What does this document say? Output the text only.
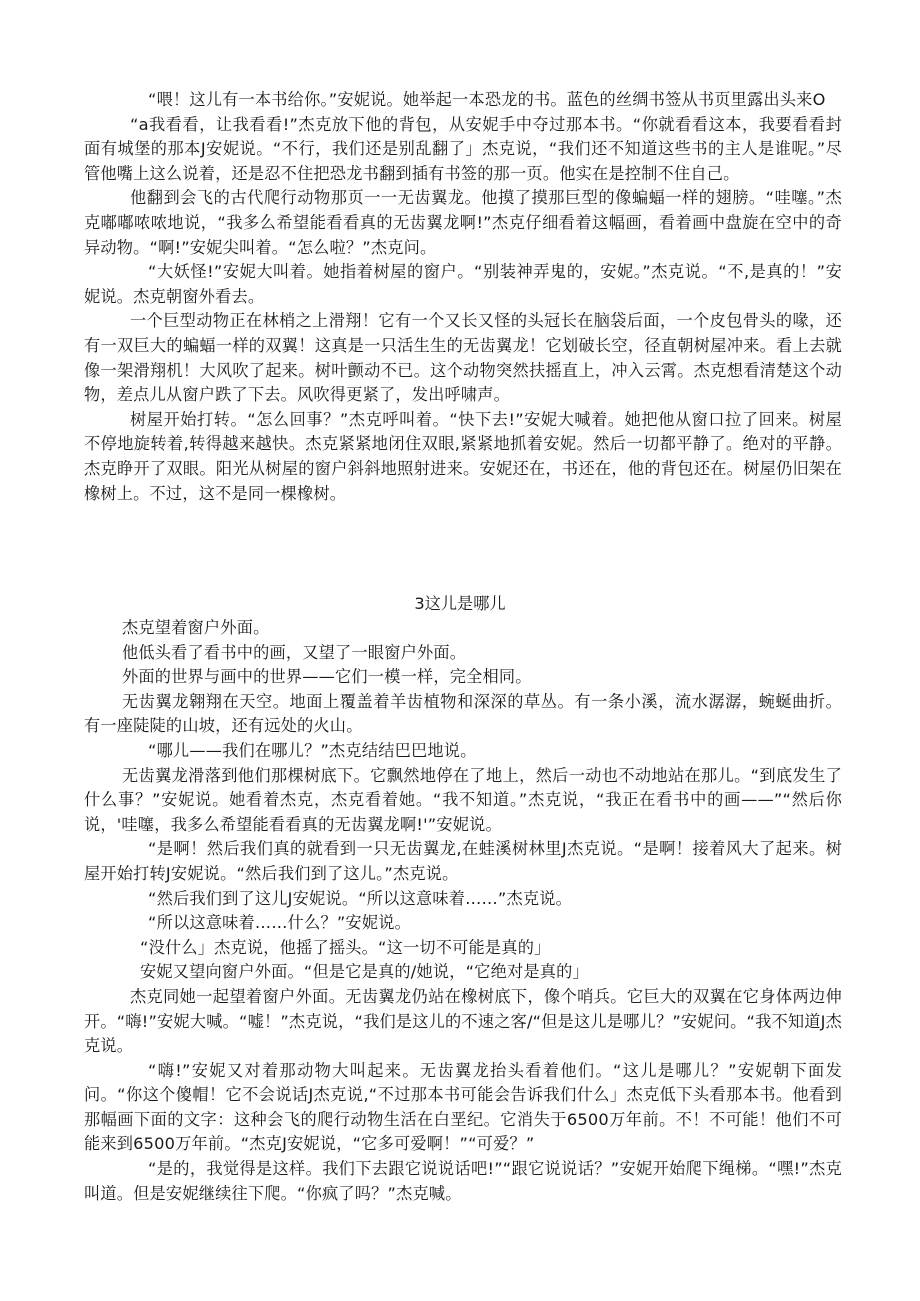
“喂！这儿有一本书给你。”安妮说。她举起一本恐龙的书。蓝色的丝绸书签从书页里露出头来O

“a我看看，让我看看!”杰克放下他的背包，从安妮手中夺过那本书。“你就看看这本，我要看看封面有城堡的那本J安妮说。“不行，我们还是别乱翻了」杰克说，“我们还不知道这些书的主人是谁呢。”尽管他嘴上这么说着，还是忍不住把恐龙书翻到插有书签的那一页。他实在是控制不住自己。

他翻到会飞的古代爬行动物那页一一无齿翼龙。他摸了摸那巨型的像蝙蝠一样的翅膀。“哇噻。”杰克嘟嘟哝哝地说，“我多么希望能看看真的无齿翼龙啊!”杰克仔细看着这幅画，看着画中盘旋在空中的奇异动物。“啊!”安妮尖叫着。“怎么啦？”杰克问。

“大妖怪!”安妮大叫着。她指着树屋的窗户。“别装神弄鬼的，安妮。”杰克说。“不,是真的！”安妮说。杰克朝窗外看去。

一个巨型动物正在林梢之上滑翔！它有一个又长又怪的头冠长在脑袋后面，一个皮包骨头的喙，还有一双巨大的蝙蝠一样的双翼！这真是一只活生生的无齿翼龙！它划破长空，径直朝树屋冲来。看上去就像一架滑翔机！大风吹了起来。树叶颤动不已。这个动物突然扶摇直上，冲入云霄。杰克想看清楚这个动物，差点儿从窗户跌了下去。风吹得更紧了，发出呼啸声。

树屋开始打转。“怎么回事？”杰克呼叫着。“快下去!”安妮大喊着。她把他从窗口拉了回来。树屋不停地旋转着,转得越来越快。杰克紧紧地闭住双眼,紧紧地抓着安妮。然后一切都平静了。绝对的平静。杰克睁开了双眼。阳光从树屋的窗户斜斜地照射进来。安妮还在，书还在，他的背包还在。树屋仍旧架在橡树上。不过，这不是同一棵橡树。

3这儿是哪儿

杰克望着窗户外面。

他低头看了看书中的画，又望了一眼窗户外面。

外面的世界与画中的世界——它们一模一样，完全相同。

无齿翼龙翱翔在天空。地面上覆盖着羊齿植物和深深的草丛。有一条小溪，流水潺潺，蜿蜒曲折。有一座陡陡的山坡，还有远处的火山。

“哪儿——我们在哪儿？”杰克结结巴巴地说。

无齿翼龙滑落到他们那棵树底下。它飘然地停在了地上，然后一动也不动地站在那儿。“到底发生了什么事？”安妮说。她看着杰克，杰克看着她。“我不知道。”杰克说，“我正在看书中的画——”“然后你说，'哇噻，我多么希望能看看真的无齿翼龙啊!'”安妮说。

“是啊！然后我们真的就看到一只无齿翼龙,在蛙溪树林里J杰克说。“是啊！接着风大了起来。树屋开始打转J安妮说。“然后我们到了这儿。”杰克说。

“然后我们到了这儿J安妮说。“所以这意味着……”杰克说。

“所以这意味着……什么？”安妮说。

“没什么」杰克说，他摇了摇头。“这一切不可能是真的」

安妮又望向窗户外面。“但是它是真的/她说，“它绝对是真的」

杰克同她一起望着窗户外面。无齿翼龙仍站在橡树底下，像个哨兵。它巨大的双翼在它身体两边伸开。“嗨!”安妮大喊。“嘘！”杰克说，“我们是这儿的不速之客/“但是这儿是哪儿？”安妮问。“我不知道J杰克说。

“嗨!”安妮又对着那动物大叫起来。无齿翼龙抬头看着他们。“这儿是哪儿？”安妮朝下面发问。“你这个傻帽！它不会说话J杰克说,“不过那本书可能会告诉我们什么」杰克低下头看那本书。他看到那幅画下面的文字：这种会飞的爬行动物生活在白垩纪。它消失于6500万年前。不！不可能！他们不可能来到6500万年前。“杰克J安妮说，“它多可爱啊！”“可爱？”

“是的，我觉得是这样。我们下去跟它说说话吧!”“跟它说说话？”安妮开始爬下绳梯。“嘿!”杰克叫道。但是安妮继续往下爬。“你疯了吗？”杰克喊。
